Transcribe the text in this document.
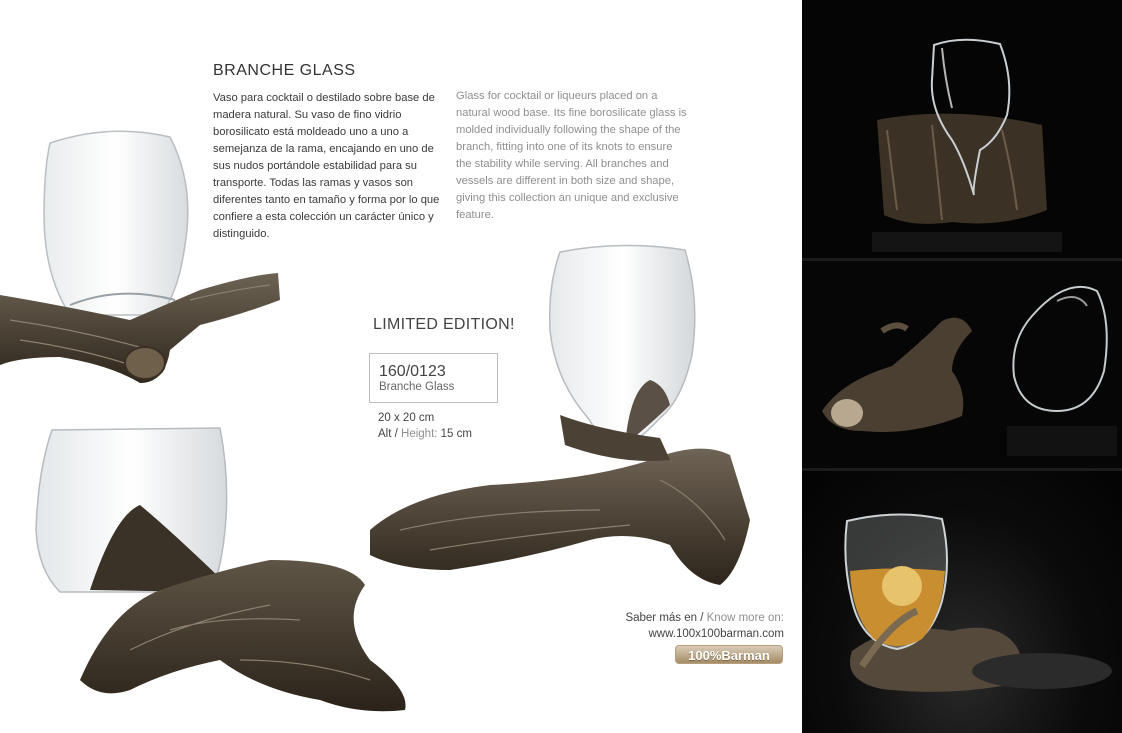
BRANCHE GLASS
Vaso para cocktail o destilado sobre base de madera natural. Su vaso de fino vidrio borosilicato está moldeado uno a uno a semejanza de la rama, encajando en uno de sus nudos portándole estabilidad para su transporte. Todas las ramas y vasos son diferentes tanto en tamaño y forma por lo que confiere a esta colección un carácter único y distinguido.
Glass for cocktail or liqueurs placed on a natural wood base. Its fine borosilicate glass is molded individually following the shape of the branch, fitting into one of its knots to ensure the stability while serving. All branches and vessels are different in both size and shape, giving this collection an unique and exclusive feature.
LIMITED EDITION!
160/0123
Branche Glass
20 x 20 cm
Alt / Height: 15 cm
Saber más en / Know more on:
www.100x100barman.com
100%Barman
